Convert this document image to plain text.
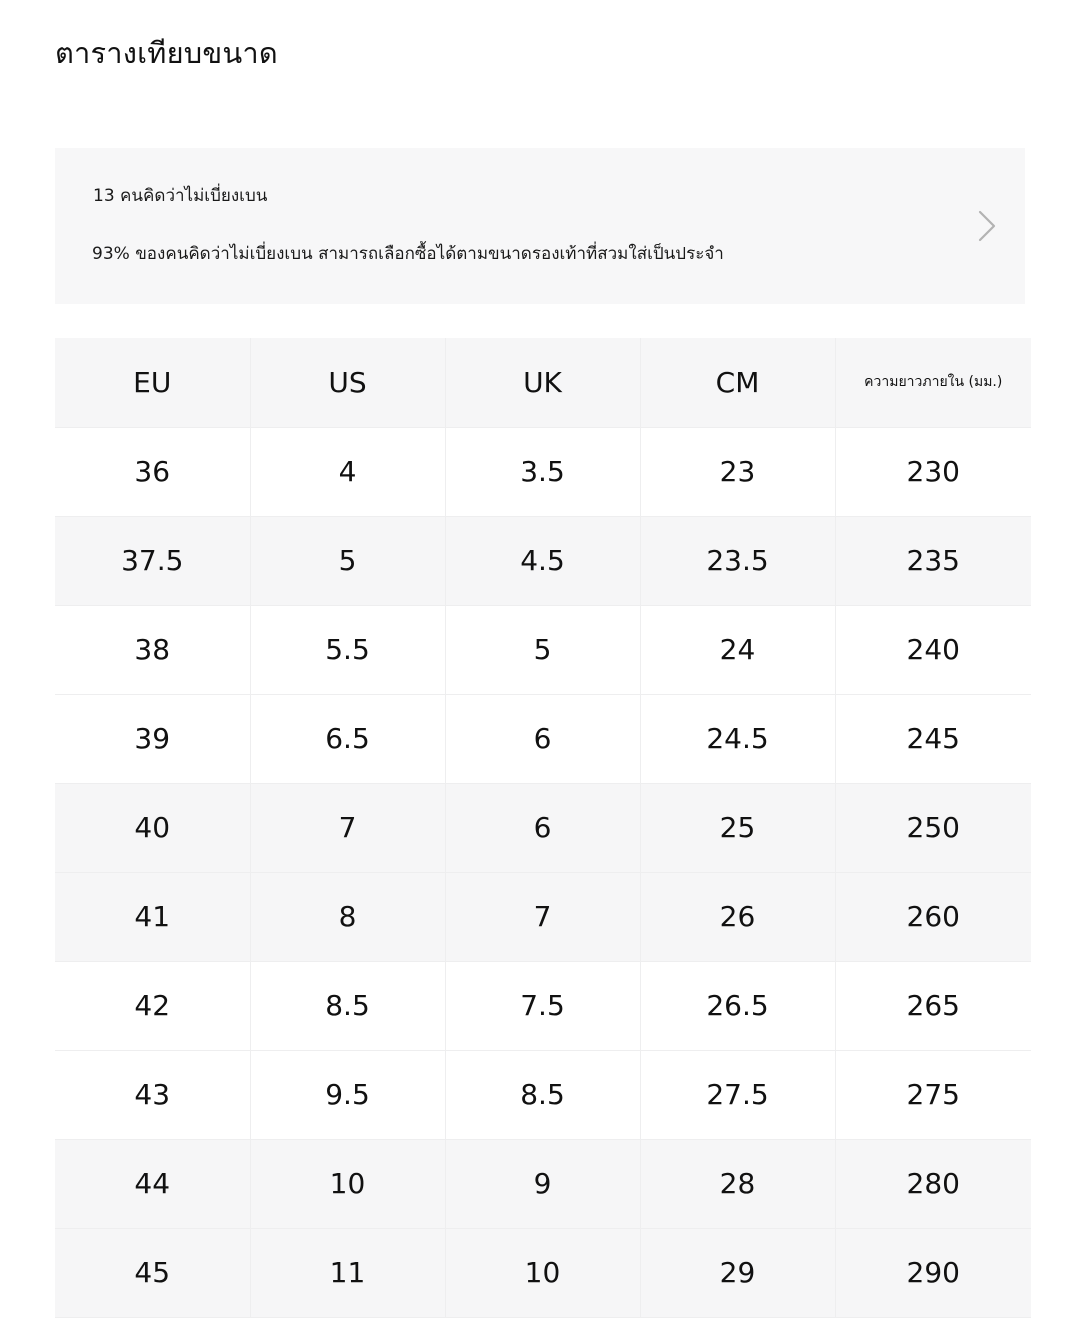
ตารางเทียบขนาด
13 คนคิดว่าไม่เบี่ยงเบน
93% ของคนคิดว่าไม่เบี่ยงเบน สามารถเลือกซื้อได้ตามขนาดรองเท้าที่สวมใส่เป็นประจำ
EU	US	UK	CM	ความยาวภายใน (มม.)
36	4	3.5	23	230
37.5	5	4.5	23.5	235
38	5.5	5	24	240
39	6.5	6	24.5	245
40	7	6	25	250
41	8	7	26	260
42	8.5	7.5	26.5	265
43	9.5	8.5	27.5	275
44	10	9	28	280
45	11	10	29	290
